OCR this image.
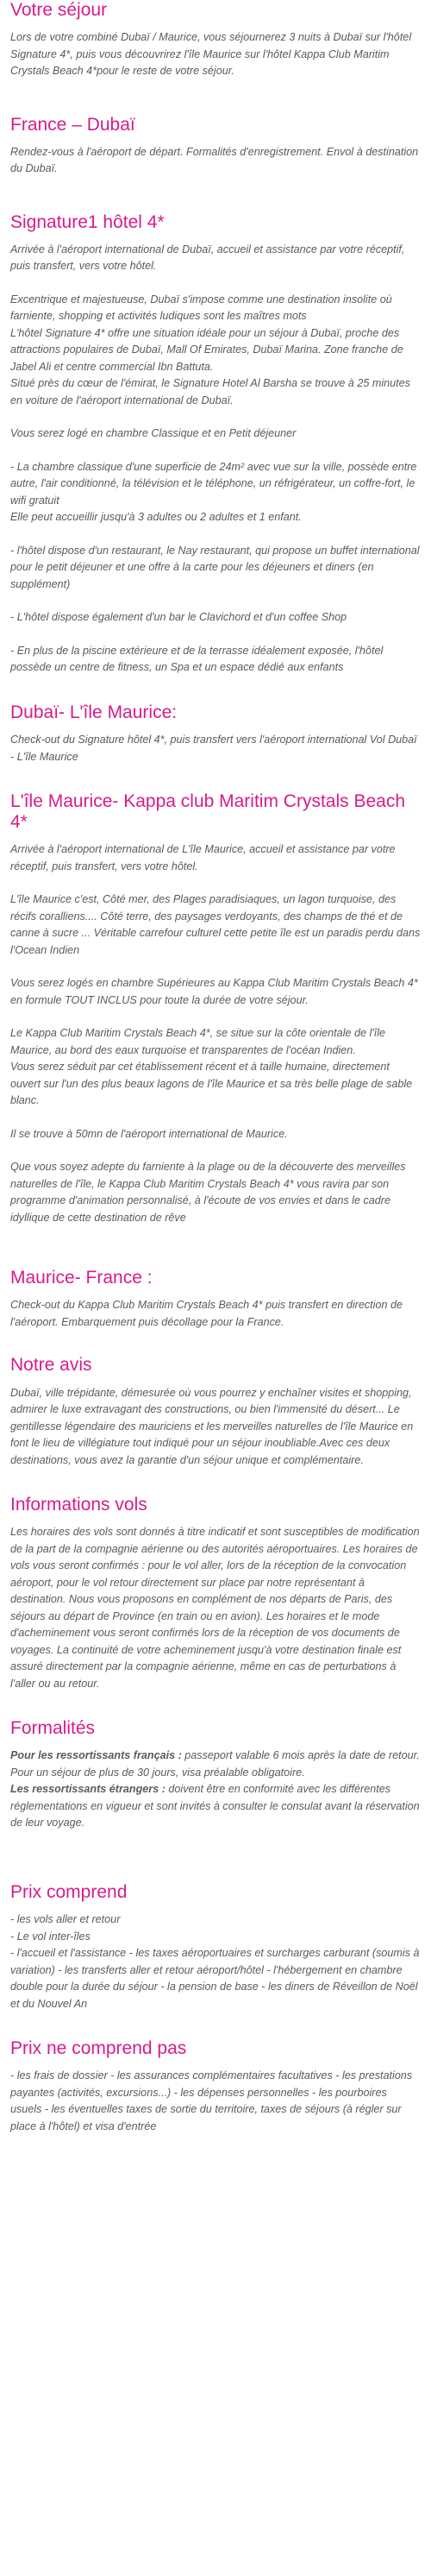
Votre séjour

Lors de votre combiné Dubaï / Maurice, vous séjournerez 3 nuits à Dubaï sur l'hôtel Signature 4*, puis vous découvrirez l'île Maurice sur l'hôtel Kappa Club Maritim Crystals Beach 4*pour le reste de votre séjour.

France – Dubaï

Rendez-vous à l'aéroport de départ. Formalités d'enregistrement. Envol à destination du Dubaï.

Signature1 hôtel 4*

Arrivée à l'aéroport international de Dubaï, accueil et assistance par votre réceptif, puis transfert, vers votre hôtel.

Excentrique et majestueuse, Dubaï s'impose comme une destination insolite où farniente, shopping et activités ludiques sont les maîtres mots
L'hôtel Signature 4* offre une situation idéale pour un séjour à Dubaï, proche des attractions populaires de Dubaï, Mall Of Emirates, Dubaï Marina. Zone franche de Jabel Ali et centre commercial Ibn Battuta.
Situé près du cœur de l'émirat, le Signature Hotel Al Barsha se trouve à 25 minutes en voiture de l'aéroport international de Dubaï.

Vous serez logé en chambre Classique et en Petit déjeuner

- La chambre classique d'une superficie de 24m² avec vue sur la ville, possède entre autre, l'air conditionné, la télévision et le téléphone, un réfrigérateur, un coffre-fort, le wifi gratuit
Elle peut accueillir jusqu'à 3 adultes ou 2 adultes et 1 enfant.

- l'hôtel dispose d'un restaurant, le Nay restaurant, qui propose un buffet international pour le petit déjeuner et une offre à la carte pour les déjeuners et diners (en supplément)

- L'hôtel dispose également d'un bar le Clavichord et d'un coffee Shop

- En plus de la piscine extérieure et de la terrasse idéalement exposée, l'hôtel possède un centre de fitness, un Spa et un espace dédié aux enfants

Dubaï- L'île Maurice:

Check-out du Signature hôtel 4*, puis transfert vers l'aéroport international Vol Dubaï - L'île Maurice

L'île Maurice- Kappa club Maritim Crystals Beach 4*

Arrivée à l'aéroport international de L'île Maurice, accueil et assistance par votre réceptif, puis transfert, vers votre hôtel.

L'île Maurice c'est, Côté mer, des Plages paradisiaques, un lagon turquoise, des récifs coralliens.... Côté terre, des paysages verdoyants, des champs de thé et de canne à sucre ... Véritable carrefour culturel cette petite île est un paradis perdu dans l'Ocean Indien

Vous serez logés en chambre Supérieures au Kappa Club Maritim Crystals Beach 4* en formule TOUT INCLUS pour toute la durée de votre séjour.

Le Kappa Club Maritim Crystals Beach 4*, se situe sur la côte orientale de l'île Maurice, au bord des eaux turquoise et transparentes de l'océan Indien.
Vous serez séduit par cet établissement récent et à taille humaine, directement ouvert sur l'un des plus beaux lagons de l'île Maurice et sa très belle plage de sable blanc.

Il se trouve à 50mn de l'aéroport international de Maurice.

Que vous soyez adepte du farniente à la plage ou de la découverte des merveilles naturelles de l'île, le Kappa Club Maritim Crystals Beach 4* vous ravira par son programme d'animation personnalisé, à l'écoute de vos envies et dans le cadre idyllique de cette destination de rêve

Maurice- France :

Check-out du Kappa Club Maritim Crystals Beach 4* puis transfert en direction de l'aéroport. Embarquement puis décollage pour la France.

Notre avis

Dubaï, ville trépidante, démesurée où vous pourrez y enchaîner visites et shopping, admirer le luxe extravagant des constructions, ou bien l'immensité du désert... Le gentillesse légendaire des mauriciens et les merveilles naturelles de l'île Maurice en font le lieu de villégiature tout indiqué pour un séjour inoubliable.Avec ces deux destinations, vous avez la garantie d'un séjour unique et complémentaire.

Informations vols

Les horaires des vols sont donnés à titre indicatif et sont susceptibles de modification de la part de la compagnie aérienne ou des autorités aéroportuaires. Les horaires de vols vous seront confirmés : pour le vol aller, lors de la réception de la convocation aéroport, pour le vol retour directement sur place par notre représentant à destination. Nous vous proposons en complément de nos départs de Paris, des séjours au départ de Province (en train ou en avion). Les horaires et le mode d'acheminement vous seront confirmés lors de la réception de vos documents de voyages. La continuité de votre acheminement jusqu'à votre destination finale est assuré directement par la compagnie aérienne, même en cas de perturbations à l'aller ou au retour.

Formalités

Pour les ressortissants français : passeport valable 6 mois après la date de retour. Pour un séjour de plus de 30 jours, visa préalable obligatoire.

Les ressortissants étrangers : doivent être en conformité avec les différentes réglementations en vigueur et sont invités à consulter le consulat avant la réservation de leur voyage.

Prix comprend

- les vols aller et retour
- Le vol inter-îles
- l'accueil et l'assistance - les taxes aéroportuaires et surcharges carburant (soumis à variation) - les transferts aller et retour aéroport/hôtel - l'hébergement en chambre double pour la durée du séjour - la pension de base - les diners de Réveillon de Noël et du Nouvel An

Prix ne comprend pas

- les frais de dossier - les assurances complémentaires facultatives - les prestations payantes (activités, excursions...) - les dépenses personnelles - les pourboires usuels - les éventuelles taxes de sortie du territoire, taxes de séjours (à régler sur place à l'hôtel) et visa d'entrée
